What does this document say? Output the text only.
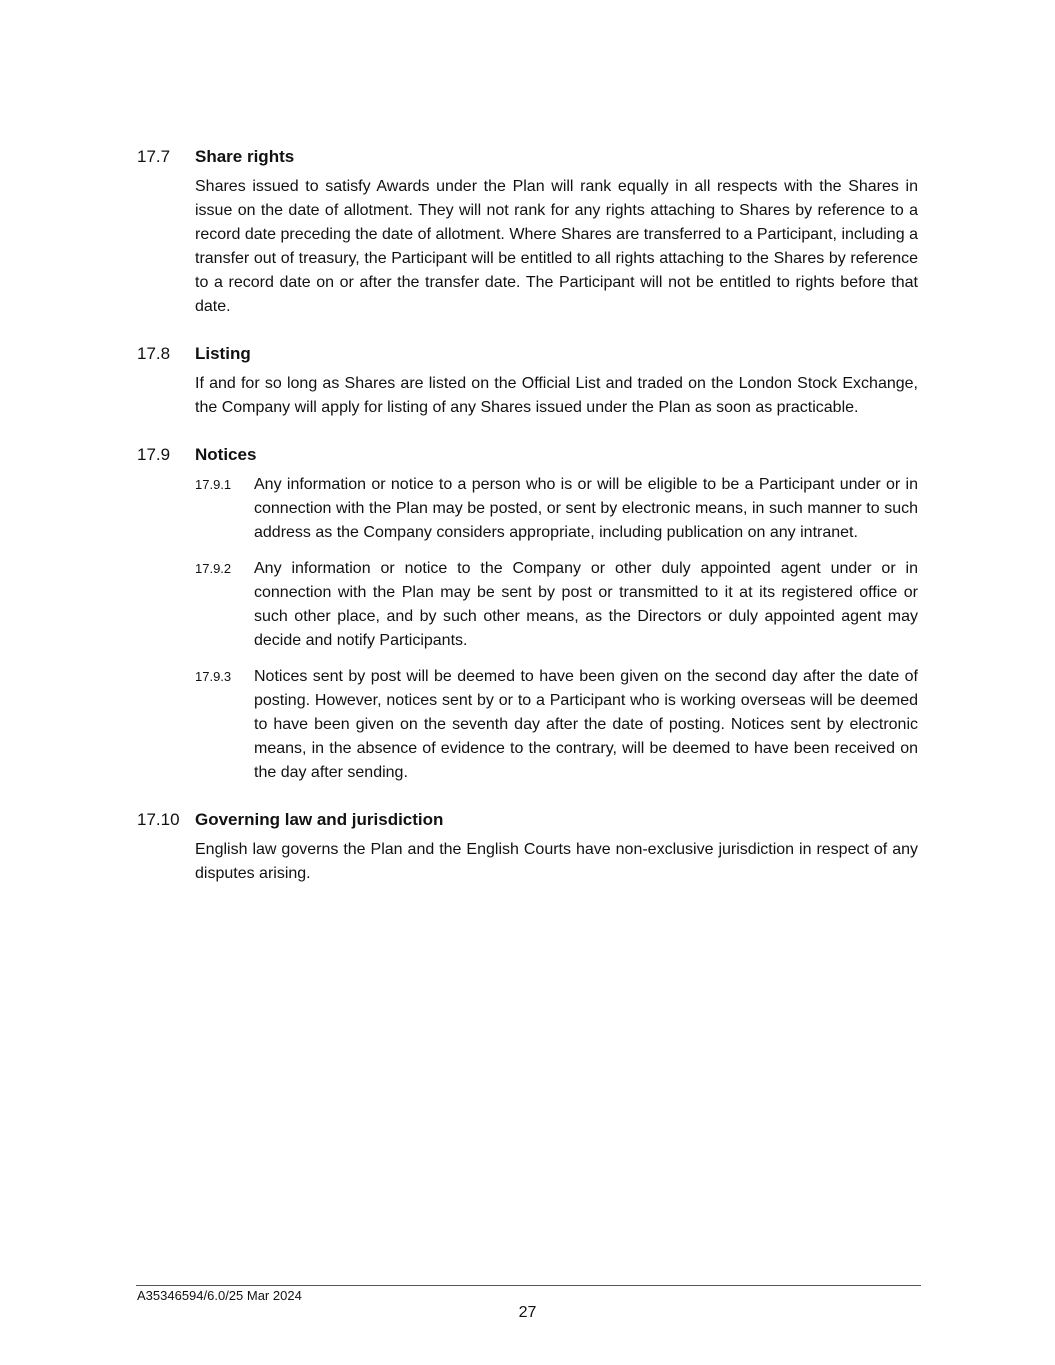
17.7	Share rights
Shares issued to satisfy Awards under the Plan will rank equally in all respects with the Shares in issue on the date of allotment. They will not rank for any rights attaching to Shares by reference to a record date preceding the date of allotment. Where Shares are transferred to a Participant, including a transfer out of treasury, the Participant will be entitled to all rights attaching to the Shares by reference to a record date on or after the transfer date. The Participant will not be entitled to rights before that date.
17.8	Listing
If and for so long as Shares are listed on the Official List and traded on the London Stock Exchange, the Company will apply for listing of any Shares issued under the Plan as soon as practicable.
17.9	Notices
17.9.1	Any information or notice to a person who is or will be eligible to be a Participant under or in connection with the Plan may be posted, or sent by electronic means, in such manner to such address as the Company considers appropriate, including publication on any intranet.
17.9.2	Any information or notice to the Company or other duly appointed agent under or in connection with the Plan may be sent by post or transmitted to it at its registered office or such other place, and by such other means, as the Directors or duly appointed agent may decide and notify Participants.
17.9.3	Notices sent by post will be deemed to have been given on the second day after the date of posting. However, notices sent by or to a Participant who is working overseas will be deemed to have been given on the seventh day after the date of posting. Notices sent by electronic means, in the absence of evidence to the contrary, will be deemed to have been received on the day after sending.
17.10 Governing law and jurisdiction
English law governs the Plan and the English Courts have non-exclusive jurisdiction in respect of any disputes arising.
A35346594/6.0/25 Mar 2024
27
